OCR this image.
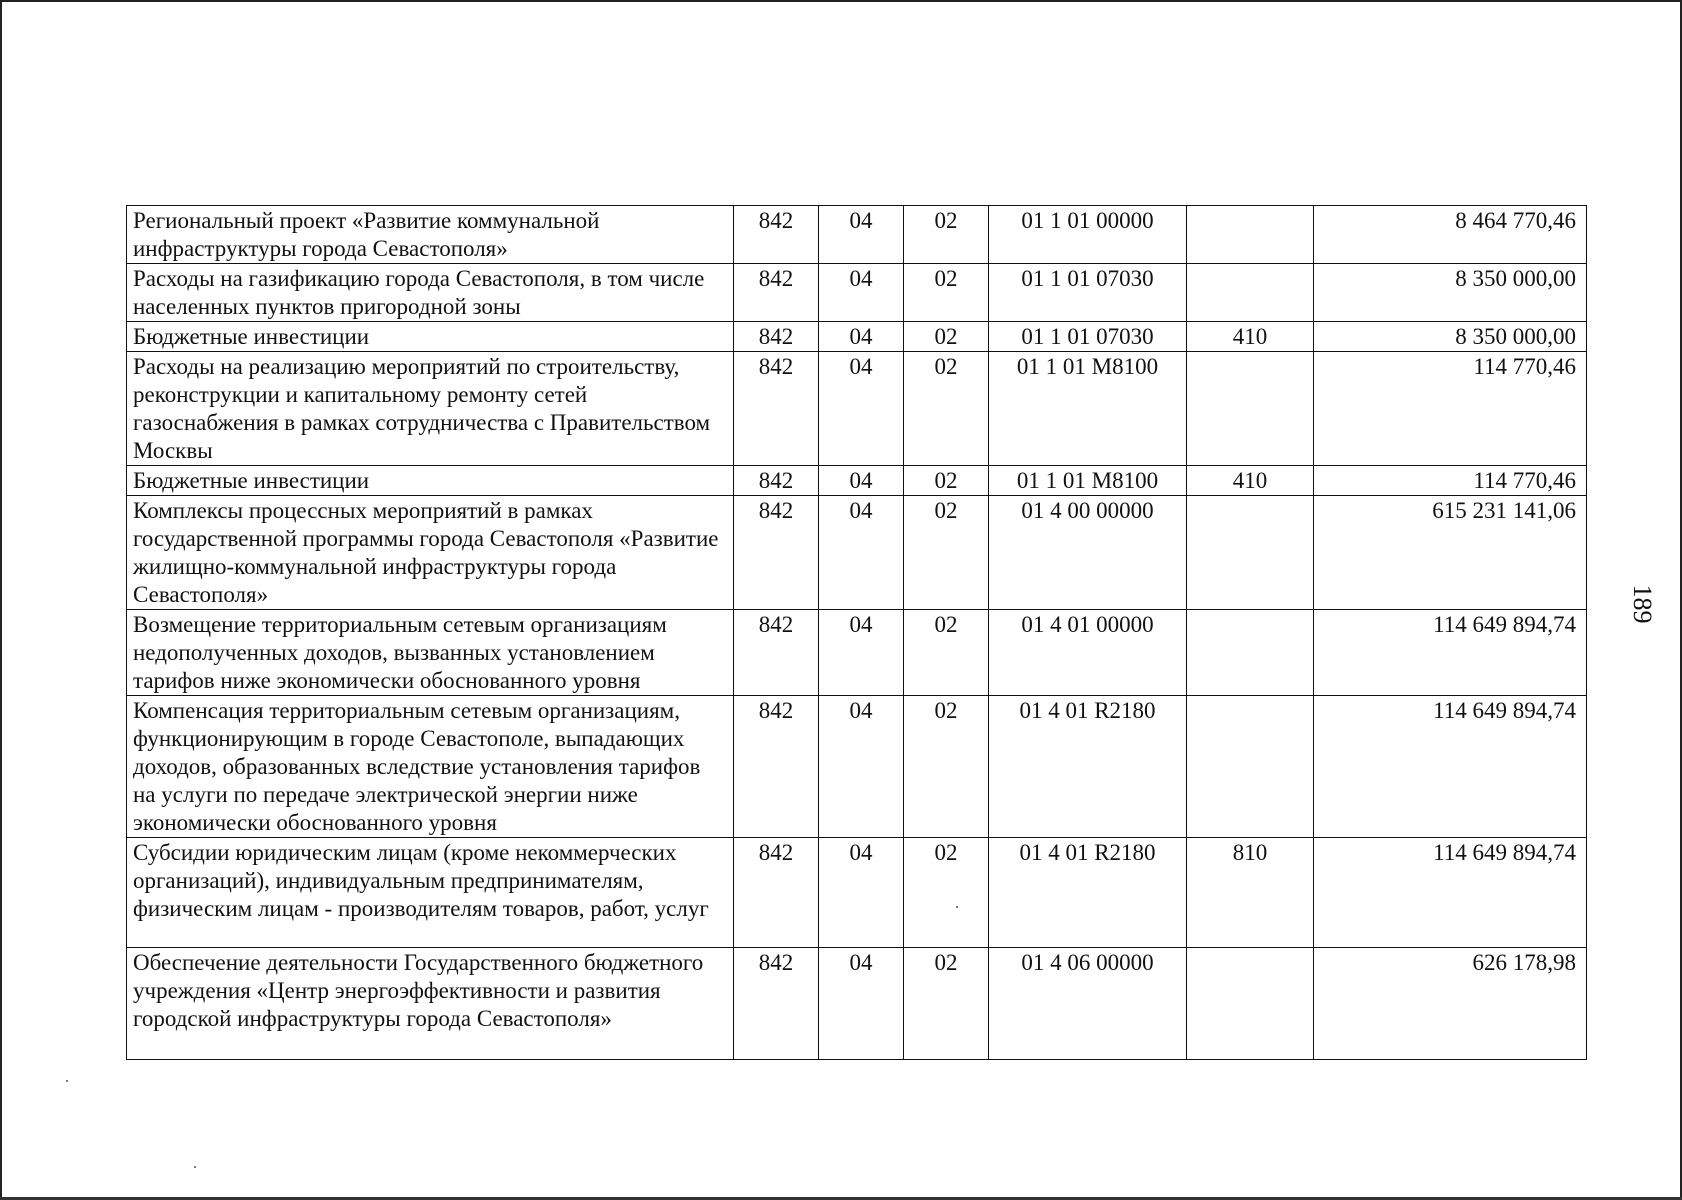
Региональный проект «Развитие коммунальной инфраструктуры города Севастополя»	842	04	02	01 1 01 00000		8 464 770,46
Расходы на газификацию города Севастополя, в том числе населенных пунктов пригородной зоны	842	04	02	01 1 01 07030		8 350 000,00
Бюджетные инвестиции	842	04	02	01 1 01 07030	410	8 350 000,00
Расходы на реализацию мероприятий по строительству, реконструкции и капитальному ремонту сетей газоснабжения в рамках сотрудничества с Правительством Москвы	842	04	02	01 1 01 M8100		114 770,46
Бюджетные инвестиции	842	04	02	01 1 01 M8100	410	114 770,46
Комплексы процессных мероприятий в рамках государственной программы города Севастополя «Развитие жилищно-коммунальной инфраструктуры города Севастополя»	842	04	02	01 4 00 00000		615 231 141,06
Возмещение территориальным сетевым организациям недополученных доходов, вызванных установлением тарифов ниже экономически обоснованного уровня	842	04	02	01 4 01 00000		114 649 894,74
Компенсация территориальным сетевым организациям, функционирующим в городе Севастополе, выпадающих доходов, образованных вследствие установления тарифов на услуги по передаче электрической энергии ниже экономически обоснованного уровня	842	04	02	01 4 01 R2180		114 649 894,74
Субсидии юридическим лицам (кроме некоммерческих организаций), индивидуальным предпринимателям, физическим лицам - производителям товаров, работ, услуг	842	04	02	01 4 01 R2180	810	114 649 894,74
Обеспечение деятельности Государственного бюджетного учреждения «Центр энергоэффективности и развития городской инфраструктуры города Севастополя»	842	04	02	01 4 06 00000		626 178,98
189
